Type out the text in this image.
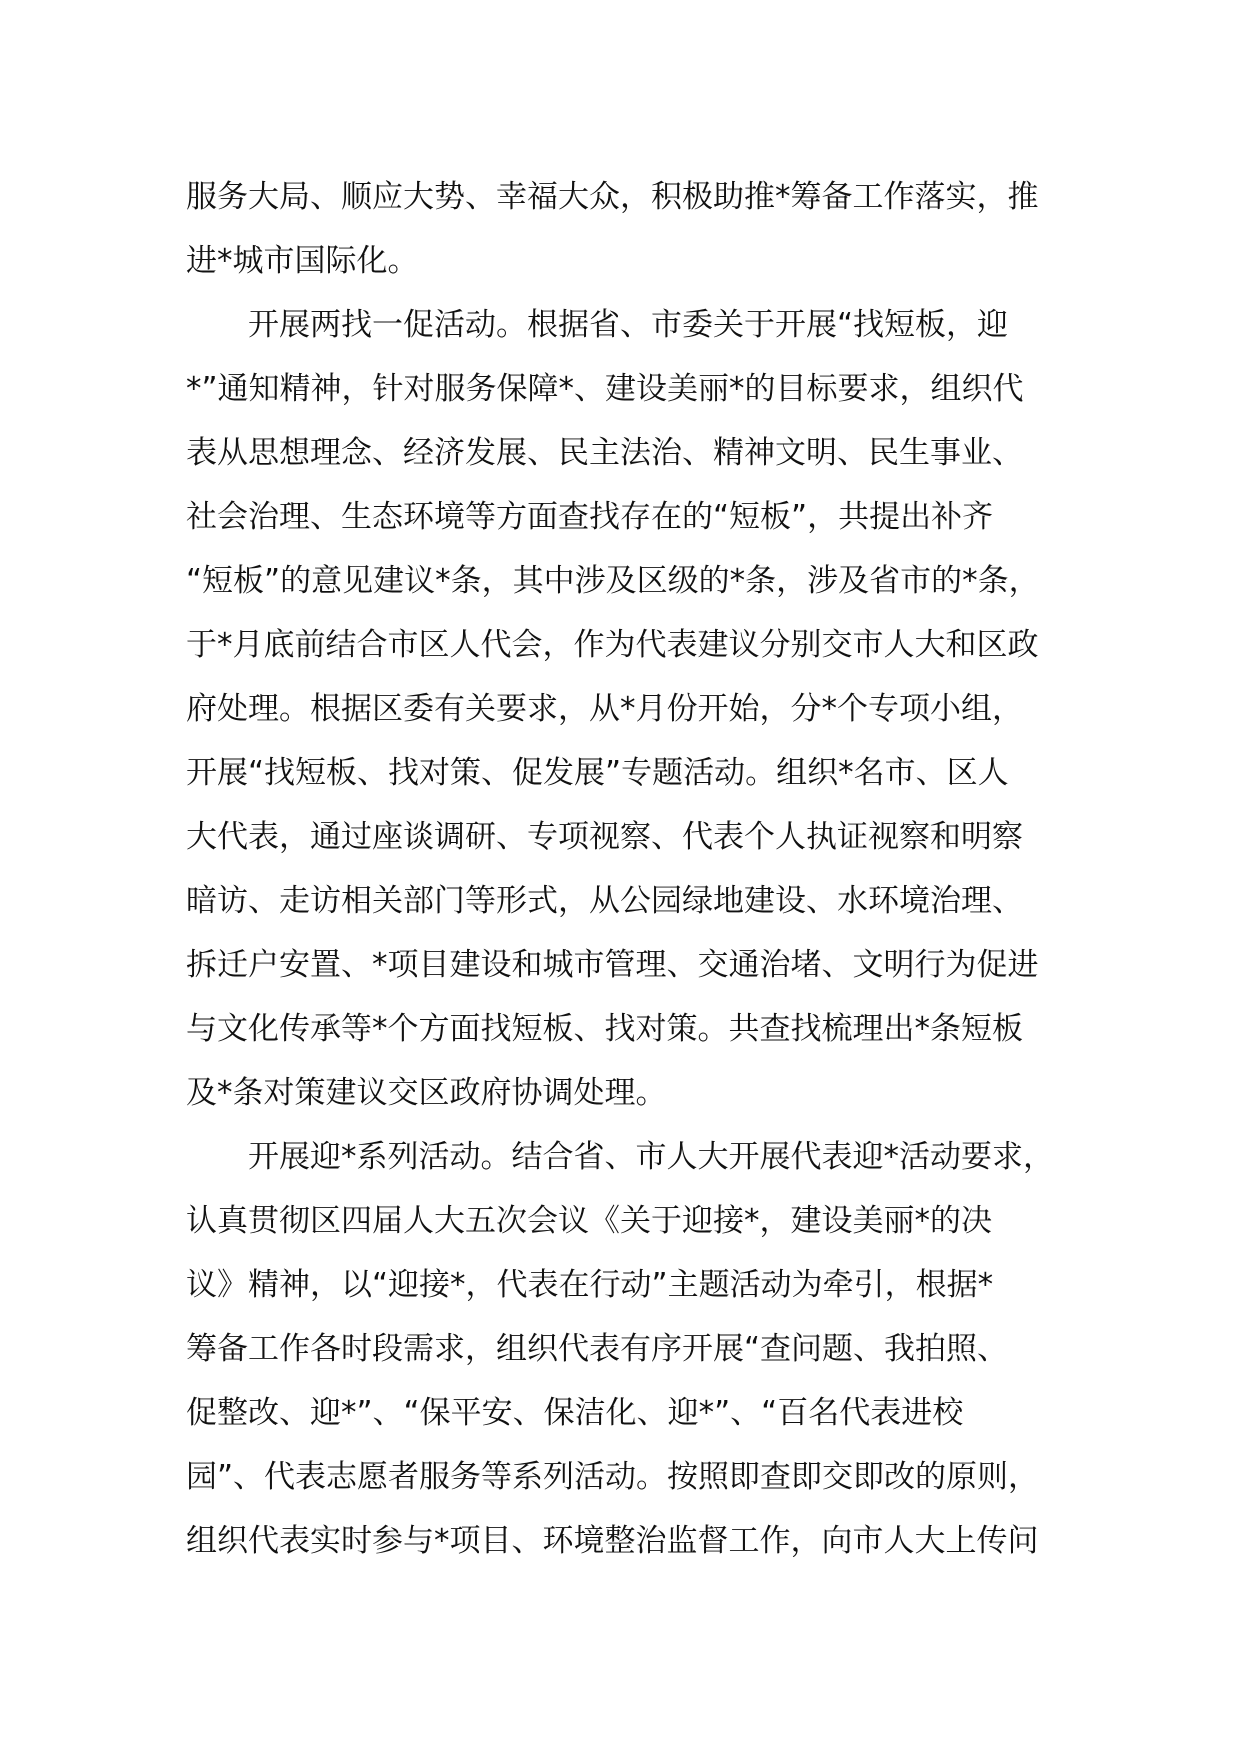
服务大局、顺应大势、幸福大众，积极助推*筹备工作落实，推
进*城市国际化。

开展两找一促活动。根据省、市委关于开展“找短板，迎
*”通知精神，针对服务保障*、建设美丽*的目标要求，组织代
表从思想理念、经济发展、民主法治、精神文明、民生事业、
社会治理、生态环境等方面查找存在的“短板”，共提出补齐
“短板”的意见建议*条，其中涉及区级的*条，涉及省市的*条，
于*月底前结合市区人代会，作为代表建议分别交市人大和区政
府处理。根据区委有关要求，从*月份开始，分*个专项小组，
开展“找短板、找对策、促发展”专题活动。组织*名市、区人
大代表，通过座谈调研、专项视察、代表个人执证视察和明察
暗访、走访相关部门等形式，从公园绿地建设、水环境治理、
拆迁户安置、*项目建设和城市管理、交通治堵、文明行为促进
与文化传承等*个方面找短板、找对策。共查找梳理出*条短板
及*条对策建议交区政府协调处理。

开展迎*系列活动。结合省、市人大开展代表迎*活动要求，
认真贯彻区四届人大五次会议《关于迎接*，建设美丽*的决
议》精神，以“迎接*，代表在行动”主题活动为牵引，根据*
筹备工作各时段需求，组织代表有序开展“查问题、我拍照、
促整改、迎*”、“保平安、保洁化、迎*”、“百名代表进校
园”、代表志愿者服务等系列活动。按照即查即交即改的原则，
组织代表实时参与*项目、环境整治监督工作，向市人大上传问
